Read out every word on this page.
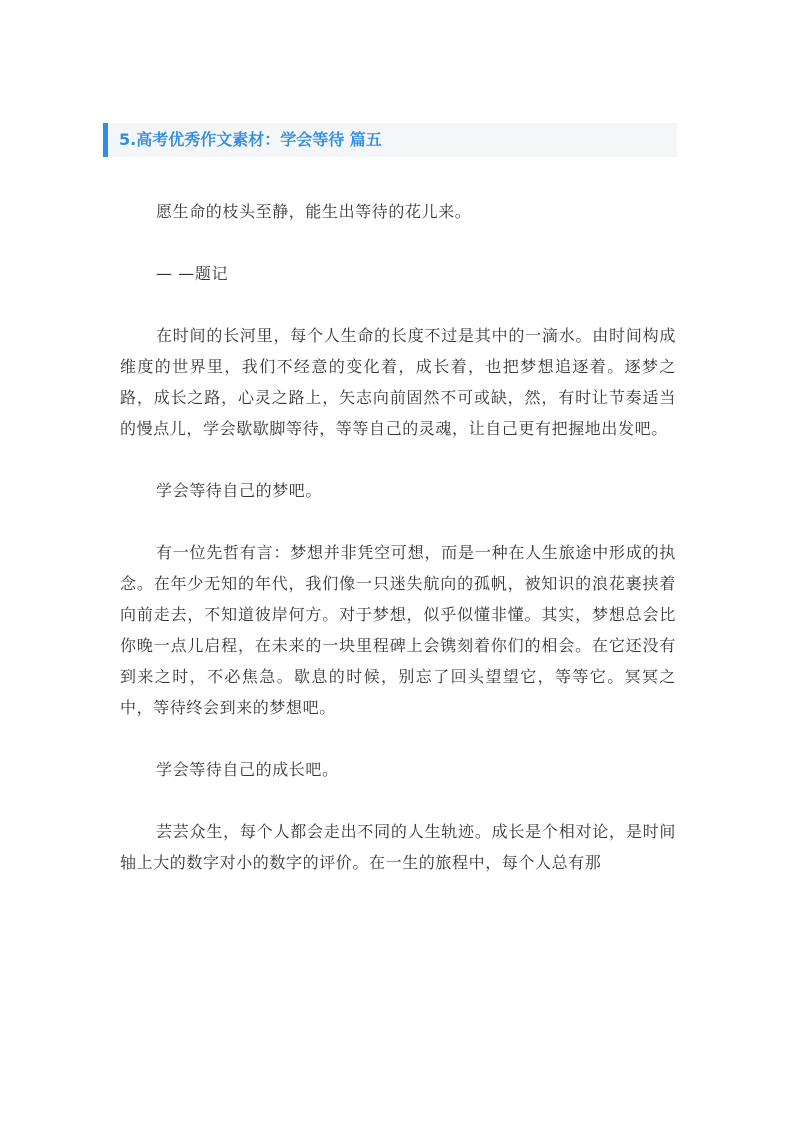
5.高考优秀作文素材：学会等待 篇五

愿生命的枝头至静，能生出等待的花儿来。

— —题记

在时间的长河里，每个人生命的长度不过是其中的一滴水。由时间构成维度的世界里，我们不经意的变化着，成长着，也把梦想追逐着。逐梦之路，成长之路，心灵之路上，矢志向前固然不可或缺，然，有时让节奏适当的慢点儿，学会歇歇脚等待，等等自己的灵魂，让自己更有把握地出发吧。

学会等待自己的梦吧。

有一位先哲有言：梦想并非凭空可想，而是一种在人生旅途中形成的执念。在年少无知的年代，我们像一只迷失航向的孤帆，被知识的浪花裹挟着向前走去，不知道彼岸何方。对于梦想，似乎似懂非懂。其实，梦想总会比你晚一点儿启程，在未来的一块里程碑上会镌刻着你们的相会。在它还没有到来之时，不必焦急。歇息的时候，别忘了回头望望它，等等它。冥冥之中，等待终会到来的梦想吧。

学会等待自己的成长吧。

芸芸众生，每个人都会走出不同的人生轨迹。成长是个相对论，是时间轴上大的数字对小的数字的评价。在一生的旅程中，每个人总有那
